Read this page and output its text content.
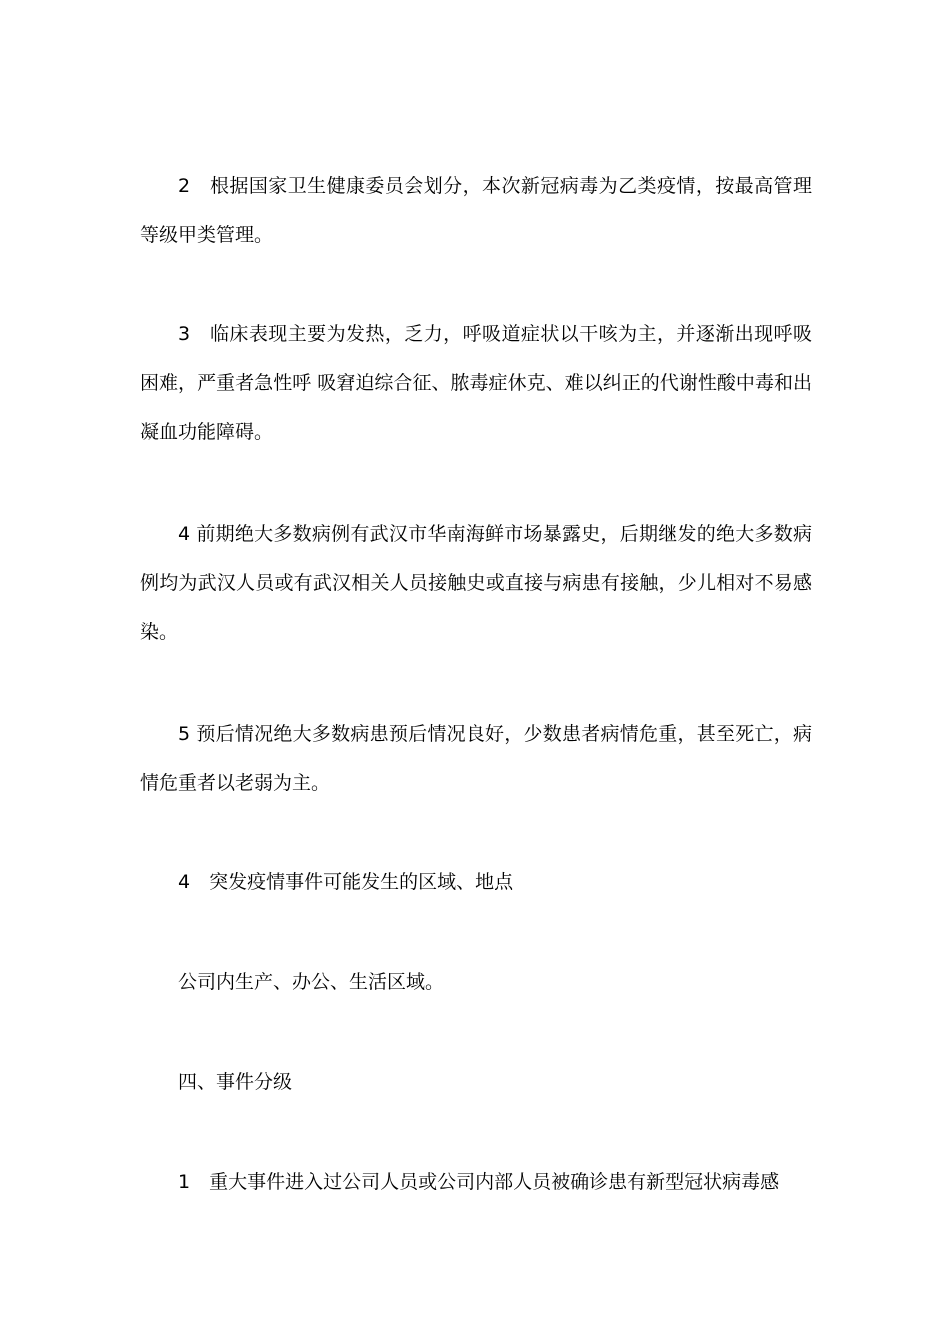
2　根据国家卫生健康委员会划分，本次新冠病毒为乙类疫情，按最高管理等级甲类管理。

3　临床表现主要为发热，乏力，呼吸道症状以干咳为主，并逐渐出现呼吸困难，严重者急性呼 吸窘迫综合征、脓毒症休克、难以纠正的代谢性酸中毒和出凝血功能障碍。

4 前期绝大多数病例有武汉市华南海鲜市场暴露史，后期继发的绝大多数病例均为武汉人员或有武汉相关人员接触史或直接与病患有接触，少儿相对不易感染。

5 预后情况绝大多数病患预后情况良好，少数患者病情危重，甚至死亡，病情危重者以老弱为主。

4　突发疫情事件可能发生的区域、地点

公司内生产、办公、生活区域。

四、事件分级

1　重大事件进入过公司人员或公司内部人员被确诊患有新型冠状病毒感
